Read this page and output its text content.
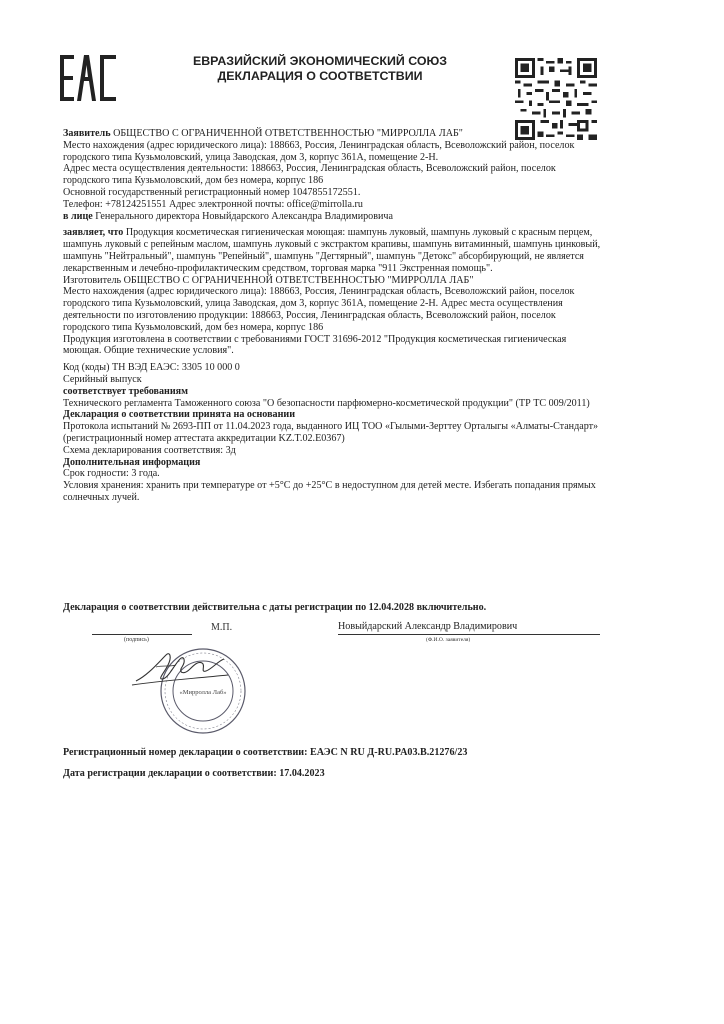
ЕВРАЗИЙСКИЙ ЭКОНОМИЧЕСКИЙ СОЮЗ
ДЕКЛАРАЦИЯ О СООТВЕТСТВИИ

Заявитель ОБЩЕСТВО С ОГРАНИЧЕННОЙ ОТВЕТСТВЕННОСТЬЮ "МИРРОЛЛА ЛАБ"

Место нахождения (адрес юридического лица): 188663, Россия, Ленинградская область, Всеволожский район, поселок городского типа Кузьмоловский, улица Заводская, дом 3, корпус 361А, помещение 2-Н.

Адрес места осуществления деятельности: 188663, Россия, Ленинградская область, Всеволожский район, поселок городского типа Кузьмоловский, дом без номера, корпус 186

Основной государственный регистрационный номер 1047855172551.

Телефон: +78124251551 Адрес электронной почты: office@mirrolla.ru

в лице Генерального директора Новыйдарского Александра Владимировича

заявляет, что Продукция косметическая гигиеническая моющая: шампунь луковый, шампунь луковый с красным перцем, шампунь луковый с репейным маслом, шампунь луковый с экстрактом крапивы, шампунь витаминный, шампунь цинковый, шампунь "Нейтральный", шампунь "Репейный", шампунь "Дегтярный", шампунь "Детокс" абсорбирующий, не является лекарственным и лечебно-профилактическим средством, торговая марка "911 Экстренная помощь".

Изготовитель ОБЩЕСТВО С ОГРАНИЧЕННОЙ ОТВЕТСТВЕННОСТЬЮ "МИРРОЛЛА ЛАБ"

Место нахождения (адрес юридического лица): 188663, Россия, Ленинградская область, Всеволожский район, поселок городского типа Кузьмоловский, улица Заводская, дом 3, корпус 361А, помещение 2-Н. Адрес места осуществления деятельности по изготовлению продукции: 188663, Россия, Ленинградская область, Всеволожский район, поселок городского типа Кузьмоловский, дом без номера, корпус 186

Продукция изготовлена в соответствии с требованиями ГОСТ 31696-2012 "Продукция косметическая гигиеническая моющая. Общие технические условия".

Код (коды) ТН ВЭД ЕАЭС: 3305 10 000 0

Серийный выпуск

соответствует требованиям

Технического регламента Таможенного союза "О безопасности парфюмерно-косметической продукции" (ТР ТС 009/2011)

Декларация о соответствии принята на основании

Протокола испытаний № 2693-ПП от 11.04.2023 года, выданного ИЦ ТОО «Гылыми-Зерттеу Орталыгы «Алматы-Стандарт» (регистрационный номер аттестата аккредитации KZ.T.02.E0367)

Схема декларирования соответствия: 3д

Дополнительная информация

Срок годности: 3 года.

Условия хранения: хранить при температуре от +5°С до +25°С в недоступном для детей месте. Избегать попадания прямых солнечных лучей.

Декларация о соответствии действительна с даты регистрации по 12.04.2028 включительно.
М.П.	Новыйдарский Александр Владимирович
(подпись)	(Ф.И.О. заявителя)
«Мирролла Лаб»

Регистрационный номер декларации о соответствии: ЕАЭС N RU Д-RU.PA03.B.21276/23

Дата регистрации декларации о соответствии: 17.04.2023
